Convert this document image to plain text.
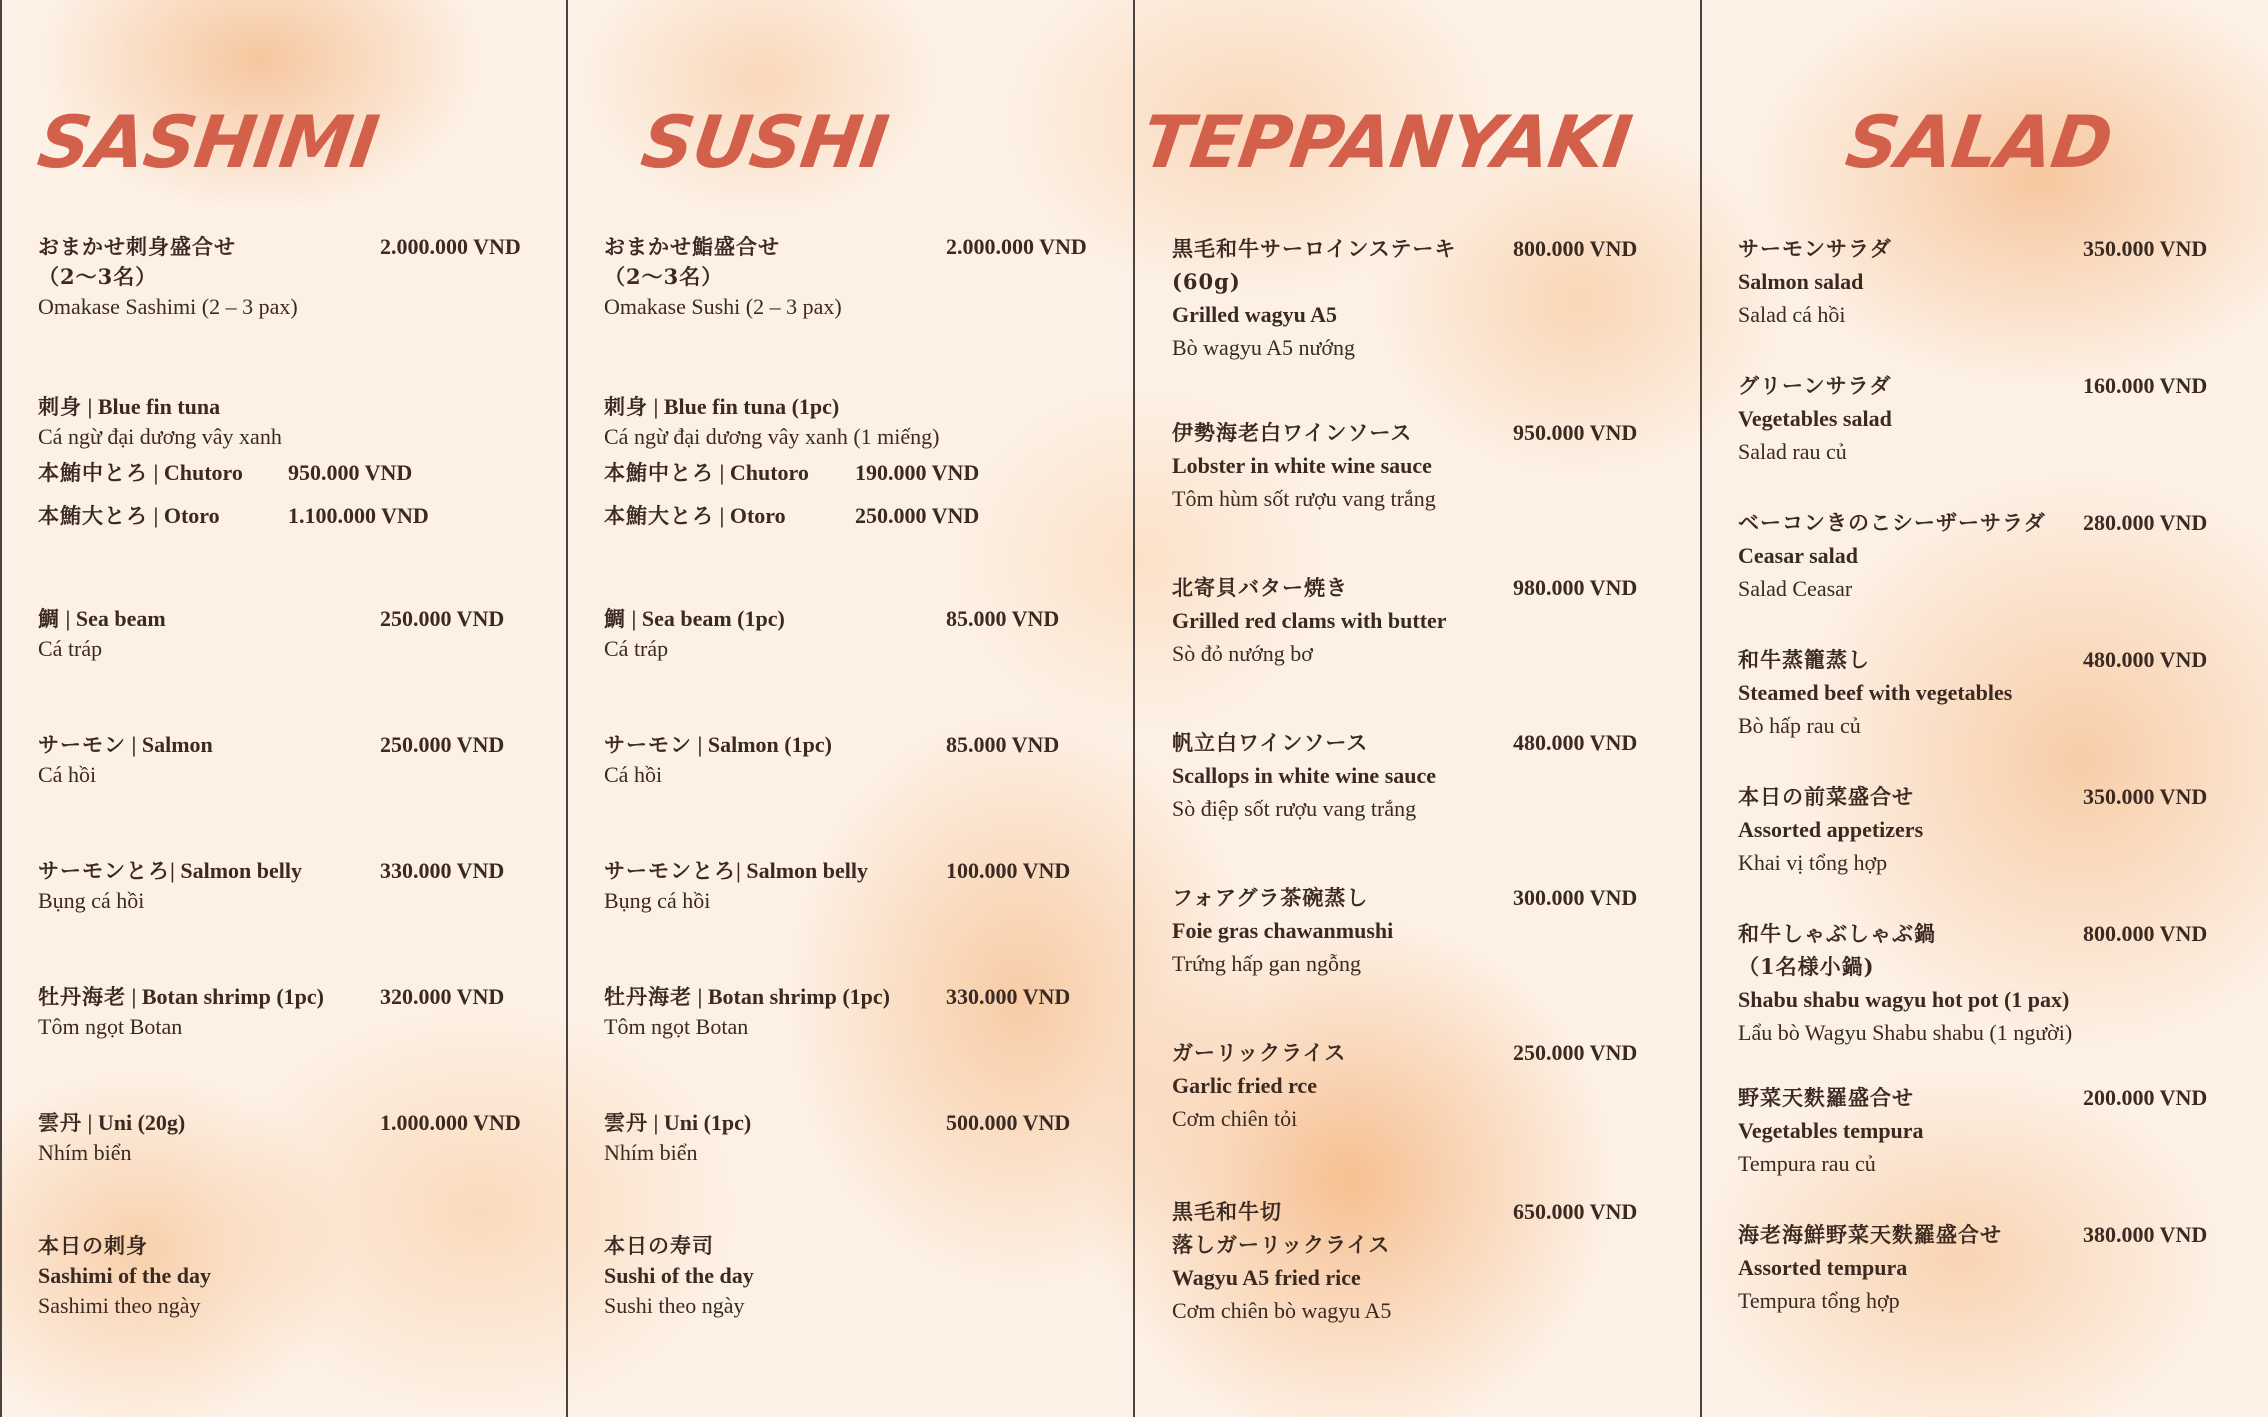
SASHIMI
おまかせ刺身盛合せ	2.000.000 VND
（2～3名）
Omakase Sashimi (2 – 3 pax)
刺身 | Blue fin tuna
Cá ngừ đại dương vây xanh
本鮪中とろ | Chutoro 950.000 VND
本鮪大とろ | Otoro	1.100.000 VND
鯛 | Sea beam	250.000 VND
Cá tráp
サーモン | Salmon	250.000 VND
Cá hồi
サーモンとろ| Salmon belly	330.000 VND
Bụng cá hồi
牡丹海老 | Botan shrimp (1pc)	320.000 VND
Tôm ngọt Botan
雲丹 | Uni (20g)	1.000.000 VND
Nhím biển
本日の刺身
Sashimi of the day
Sashimi theo ngày
SUSHI
おまかせ鮨盛合せ	2.000.000 VND
（2～3名）
Omakase Sushi (2 – 3 pax)
刺身 | Blue fin tuna (1pc)
Cá ngừ đại dương vây xanh (1 miếng)
本鮪中とろ | Chutoro 190.000 VND
本鮪大とろ | Otoro	250.000 VND
鯛 | Sea beam (1pc)	85.000 VND
Cá tráp
サーモン | Salmon (1pc)	85.000 VND
Cá hồi
サーモンとろ| Salmon belly	100.000 VND
Bụng cá hồi
牡丹海老 | Botan shrimp (1pc)	330.000 VND
Tôm ngọt Botan
雲丹 | Uni (1pc)	500.000 VND
Nhím biển
本日の寿司
Sushi of the day
Sushi theo ngày
TEPPANYAKI
黒毛和牛サーロインステーキ	800.000 VND
(60g)
Grilled wagyu A5
Bò wagyu A5 nướng
伊勢海老白ワインソース	950.000 VND
Lobster in white wine sauce
Tôm hùm sốt rượu vang trắng
北寄貝バター焼き	980.000 VND
Grilled red clams with butter
Sò đỏ nướng bơ
帆立白ワインソース	480.000 VND
Scallops in white wine sauce
Sò điệp sốt rượu vang trắng
フォアグラ茶碗蒸し	300.000 VND
Foie gras chawanmushi
Trứng hấp gan ngỗng
ガーリックライス	250.000 VND
Garlic fried rce
Cơm chiên tỏi
黒毛和牛切	650.000 VND
落しガーリックライス
Wagyu A5 fried rice
Cơm chiên bò wagyu A5
SALAD
サーモンサラダ	350.000 VND
Salmon salad
Salad cá hồi
グリーンサラダ	160.000 VND
Vegetables salad
Salad rau củ
ベーコンきのこシーザーサラダ 280.000 VND
Ceasar salad
Salad Ceasar
和牛蒸籠蒸し	480.000 VND
Steamed beef with vegetables
Bò hấp rau củ
本日の前菜盛合せ	350.000 VND
Assorted appetizers
Khai vị tổng hợp
和牛しゃぶしゃぶ鍋	800.000 VND
（1名様小鍋)
Shabu shabu wagyu hot pot (1 pax)
Lẩu bò Wagyu Shabu shabu (1 người)
野菜天麩羅盛合せ	200.000 VND
Vegetables tempura
Tempura rau củ
海老海鮮野菜天麩羅盛合せ	380.000 VND
Assorted tempura
Tempura tổng hợp
